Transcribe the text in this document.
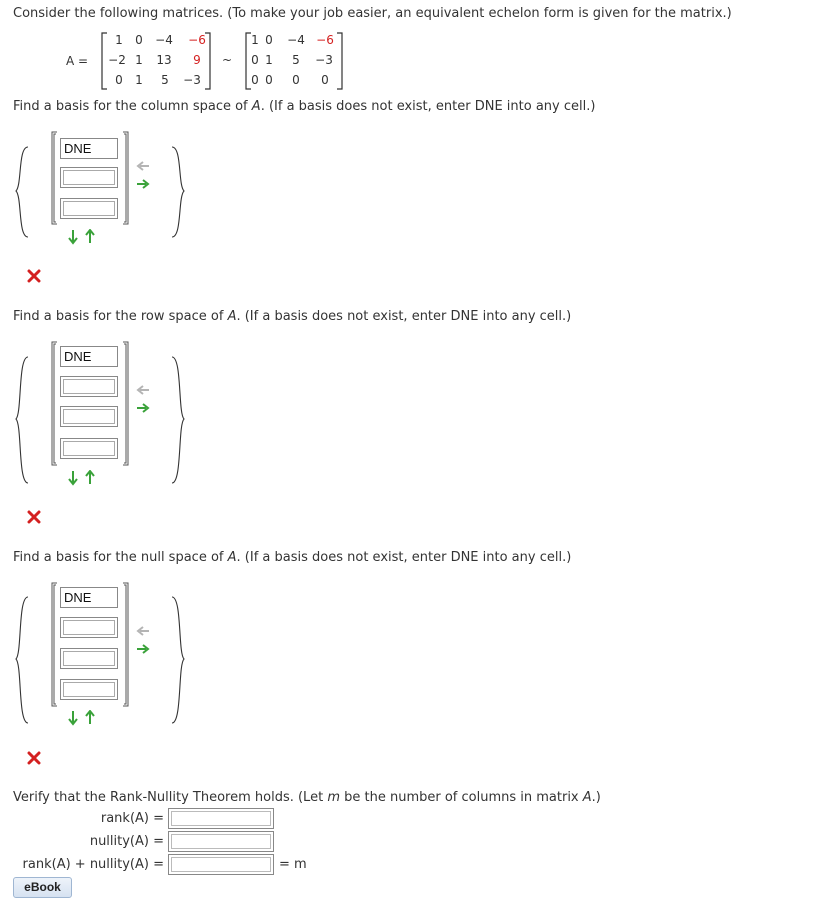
Consider the following matrices. (To make your job easier, an equivalent echelon form is given for the matrix.)
A =
1 0 −4 −6
−2 1 13 9
0 1 5 −3
~
1 0 −4 −6
0 1 5 −3
0 0 0 0
Find a basis for the column space of A. (If a basis does not exist, enter DNE into any cell.)
DNE
Find a basis for the row space of A. (If a basis does not exist, enter DNE into any cell.)
DNE
Find a basis for the null space of A. (If a basis does not exist, enter DNE into any cell.)
DNE
Verify that the Rank-Nullity Theorem holds. (Let m be the number of columns in matrix A.)
rank(A) =
nullity(A) =
rank(A) + nullity(A) =	= m
eBook
